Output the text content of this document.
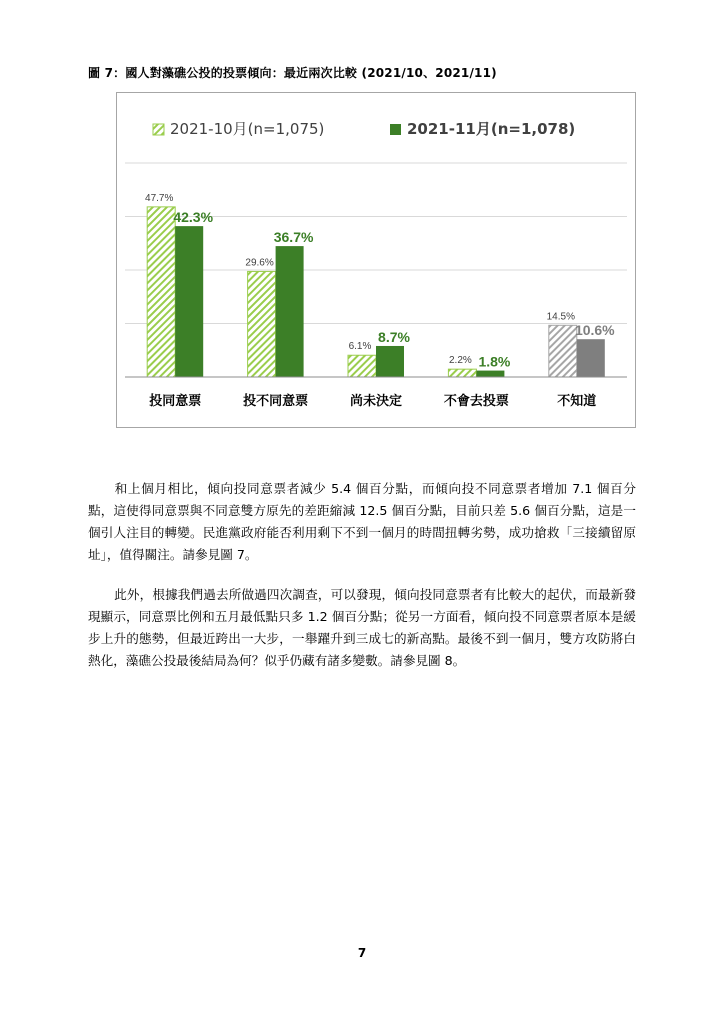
圖 7：國人對藻礁公投的投票傾向：最近兩次比較 (2021/10、2021/11)
2021-10月(n=1,075)	2021-11月(n=1,078)
47.7%
42.3%
投同意票
29.6%
36.7%
投不同意票
6.1%
8.7%
尚未決定
2.2% 1.8%
不會去投票
14.5%
10.6%
不知道
和上個月相比，傾向投同意票者減少 5.4 個百分點，而傾向投不同意票者增加 7.1 個百分點，這使得同意票與不同意雙方原先的差距縮減 12.5 個百分點，目前只差 5.6 個百分點，這是一個引人注目的轉變。民進黨政府能否利用剩下不到一個月的時間扭轉劣勢，成功搶救「三接續留原址」，值得關注。請參見圖 7。
此外，根據我們過去所做過四次調查，可以發現，傾向投同意票者有比較大的起伏，而最新發現顯示，同意票比例和五月最低點只多 1.2 個百分點；從另一方面看，傾向投不同意票者原本是緩步上升的態勢，但最近跨出一大步，一舉躍升到三成七的新高點。最後不到一個月，雙方攻防將白熱化，藻礁公投最後結局為何？似乎仍藏有諸多變數。請參見圖 8。
7
